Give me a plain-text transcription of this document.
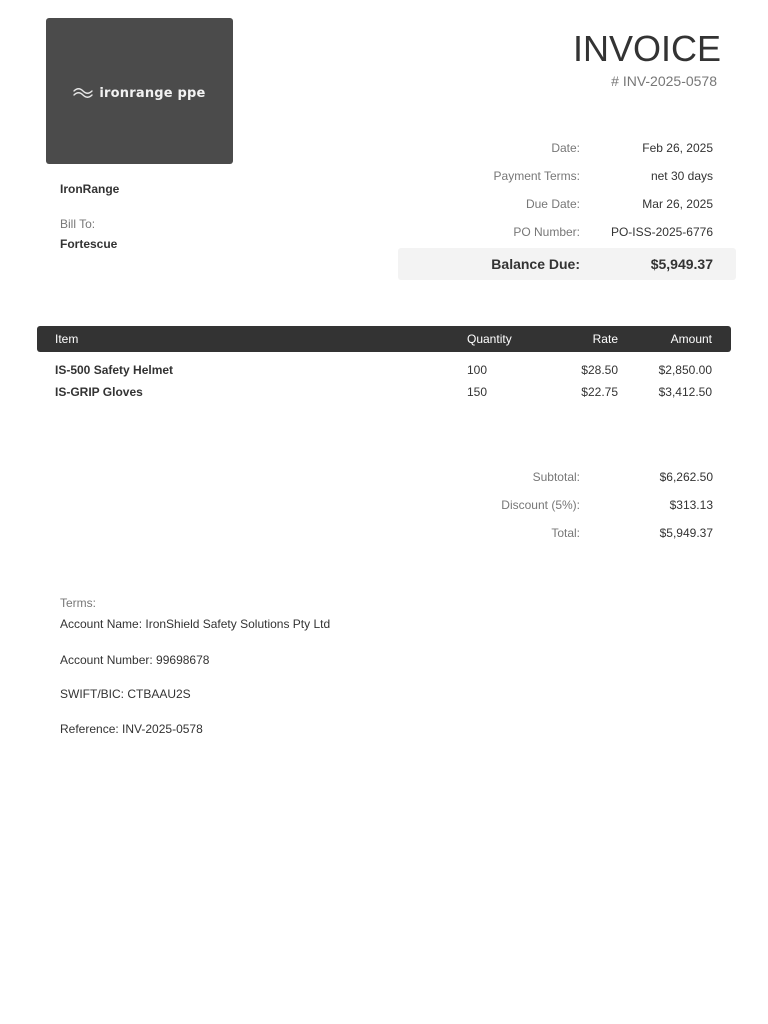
ironrange ppe
IronRange
Bill To:
Fortescue
INVOICE
# INV-2025-0578
Date:	Feb 26, 2025
Payment Terms:	net 30 days
Due Date:	Mar 26, 2025
PO Number:	PO-ISS-2025-6776
Balance Due:	$5,949.37
Item	Quantity	Rate	Amount
IS-500 Safety Helmet	100	$28.50	$2,850.00
IS-GRIP Gloves	150	$22.75	$3,412.50
Subtotal:	$6,262.50
Discount (5%):	$313.13
Total:	$5,949.37
Terms:
Account Name: IronShield Safety Solutions Pty Ltd
Account Number: 99698678
SWIFT/BIC: CTBAAU2S
Reference: INV-2025-0578
